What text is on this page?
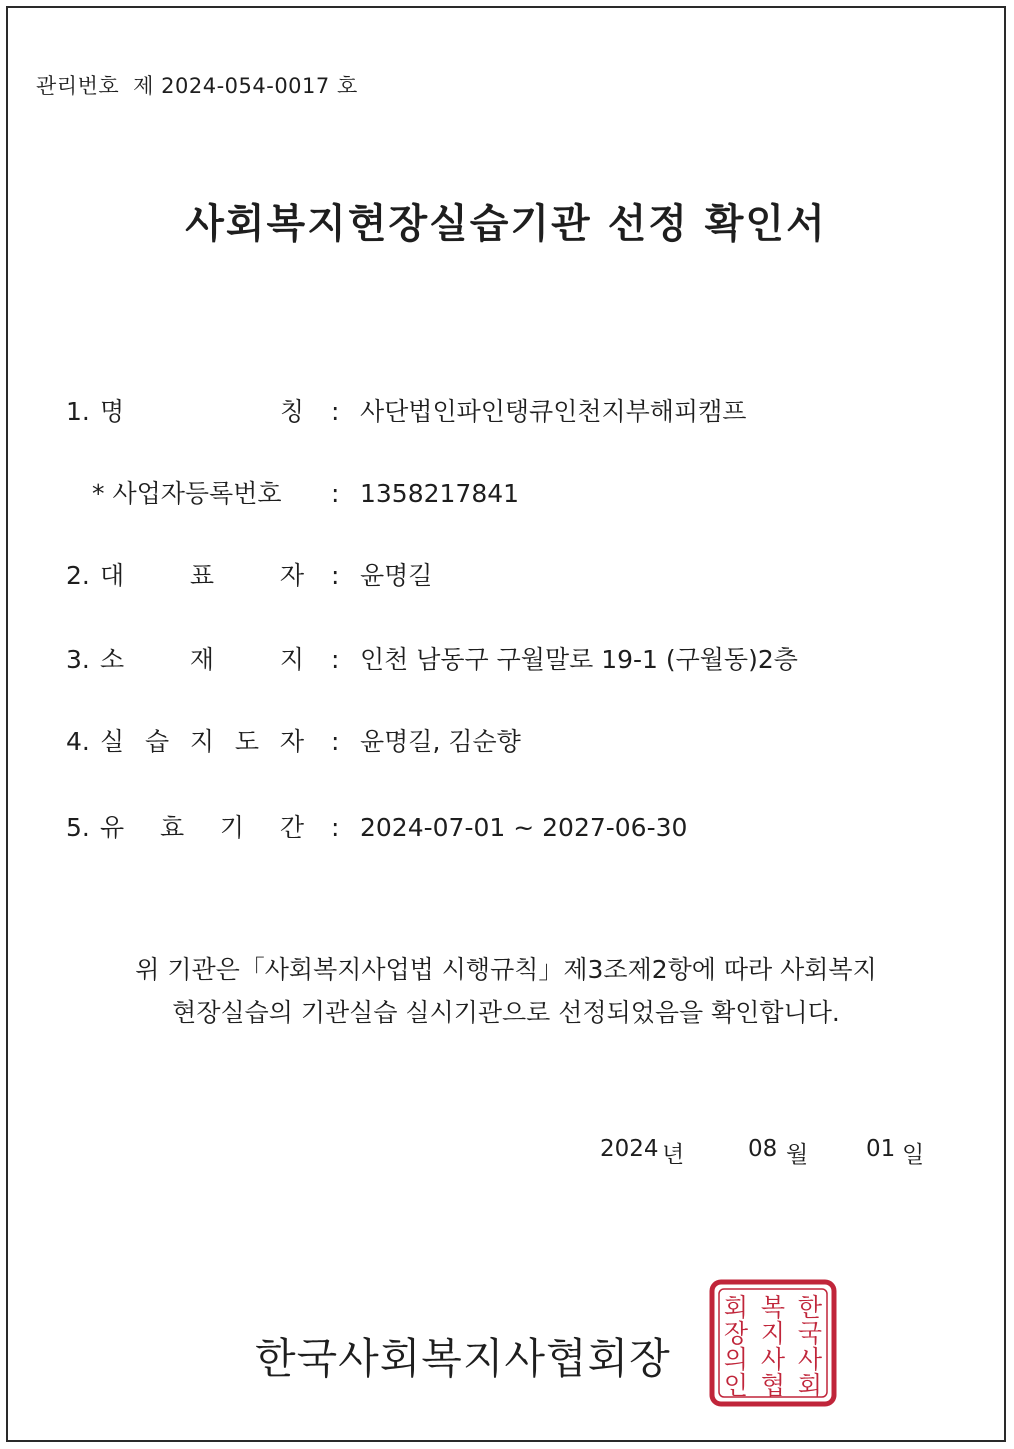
관리번호 제 2024-054-0017 호
사회복지현장실습기관 선정 확인서
1. 명	칭 : 사단법인파인탱큐인천지부해피캠프
* 사업자등록번호 : 1358217841
2. 대	표	자 : 윤명길
3. 소	재	지 : 인천 남동구 구월말로 19-1 (구월동)2층
4. 실 습 지 도 자 : 윤명길, 김순향
5. 유 효 기 간 : 2024-07-01 ~ 2027-06-30
위 기관은「사회복지사업법 시행규칙」제3조제2항에 따라 사회복지
현장실습의 기관실습 실시기관으로 선정되었음을 확인합니다.
2024 년	08 월	01 일
한국사회복지사협회장
한
국
사
회
복
지
사
협
회
장
의
인
